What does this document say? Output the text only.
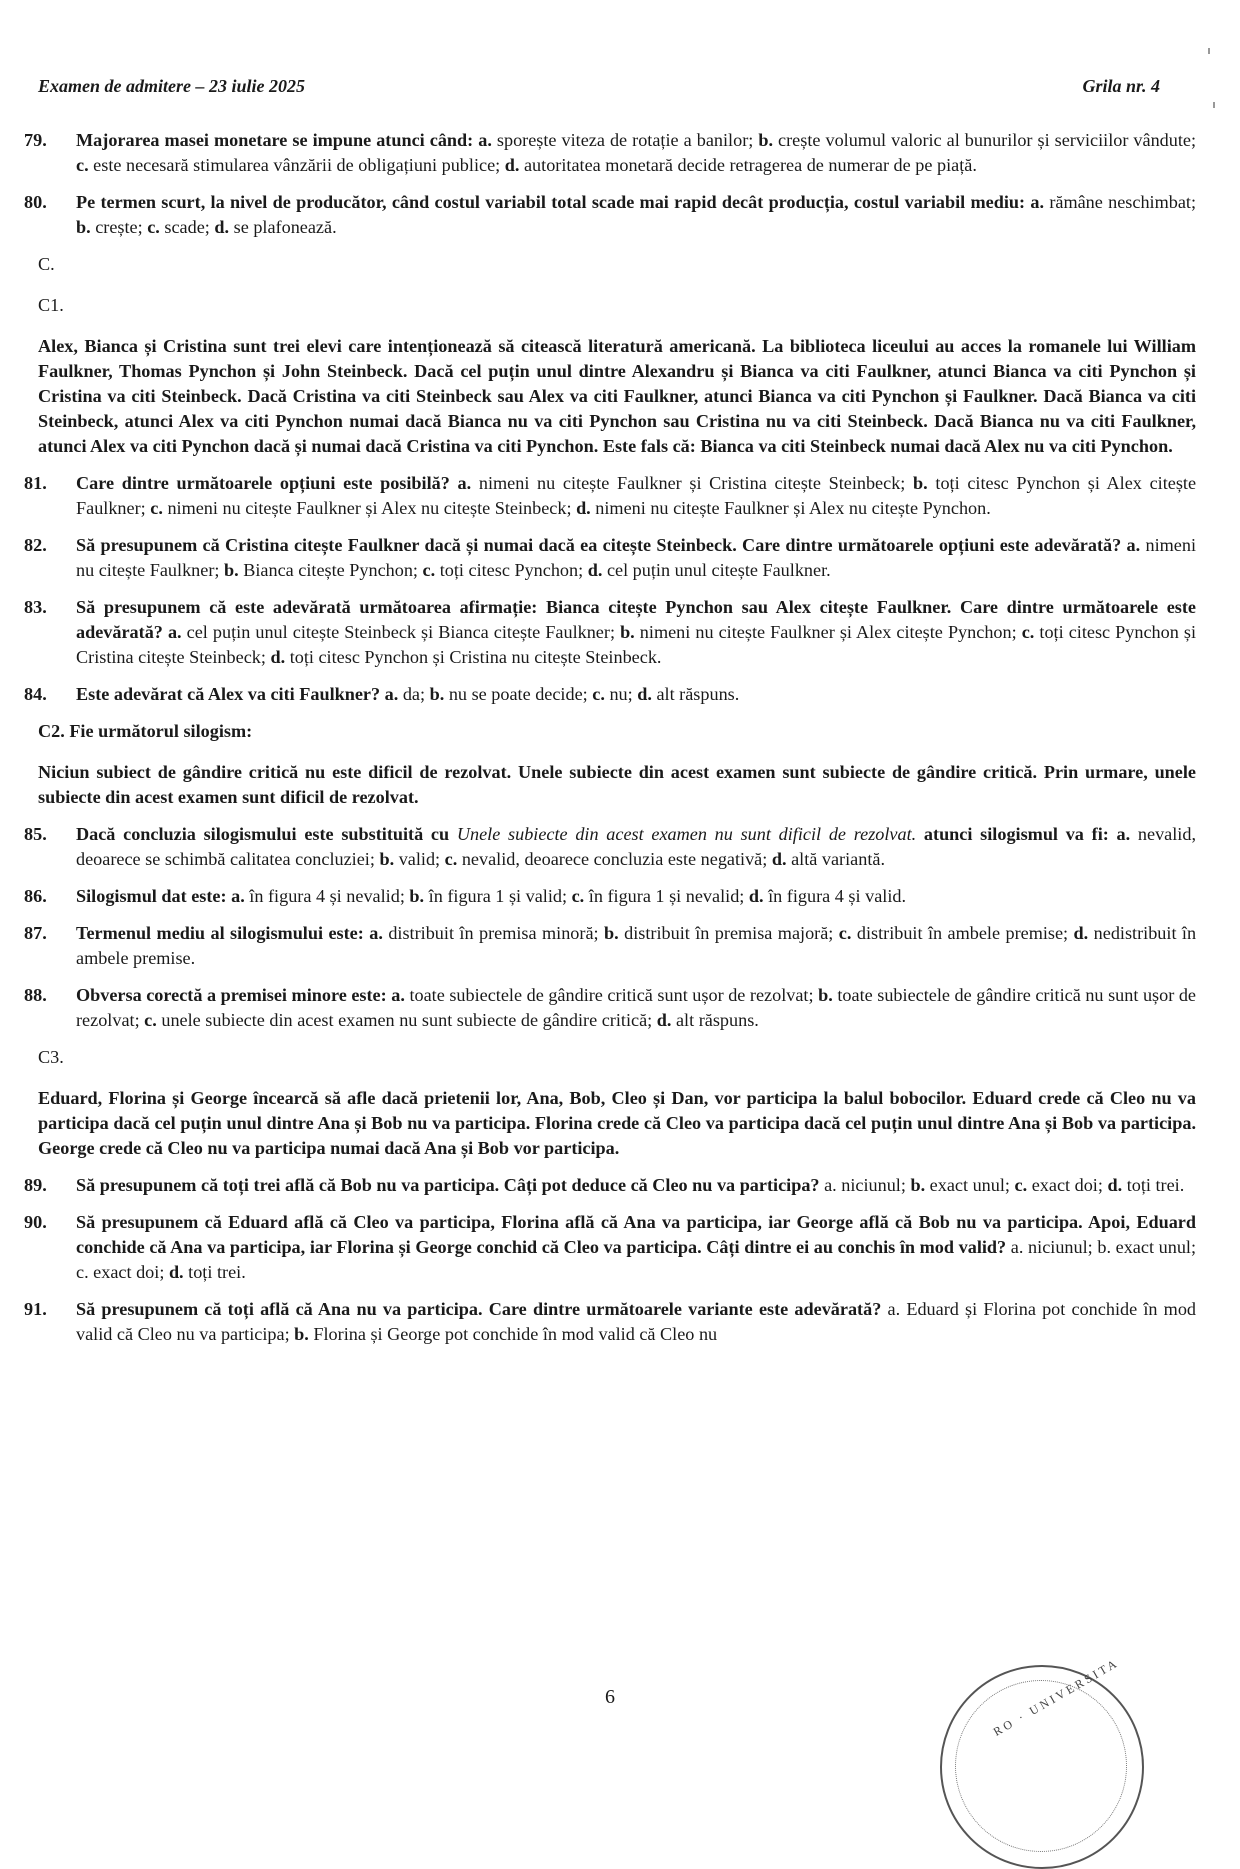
Examen de admitere – 23 iulie 2025	Grila nr. 4
79. Majorarea masei monetare se impune atunci când: a. sporește viteza de rotație a banilor; b. crește volumul valoric al bunurilor și serviciilor vândute; c. este necesară stimularea vânzării de obligațiuni publice; d. autoritatea monetară decide retragerea de numerar de pe piață.
80. Pe termen scurt, la nivel de producător, când costul variabil total scade mai rapid decât producția, costul variabil mediu: a. rămâne neschimbat; b. crește; c. scade; d. se plafonează.
C.
C1.
Alex, Bianca și Cristina sunt trei elevi care intenționează să citească literatură americană. La biblioteca liceului au acces la romanele lui William Faulkner, Thomas Pynchon și John Steinbeck. Dacă cel puțin unul dintre Alexandru și Bianca va citi Faulkner, atunci Bianca va citi Pynchon și Cristina va citi Steinbeck. Dacă Cristina va citi Steinbeck sau Alex va citi Faulkner, atunci Bianca va citi Pynchon și Faulkner. Dacă Bianca va citi Steinbeck, atunci Alex va citi Pynchon numai dacă Bianca nu va citi Pynchon sau Cristina nu va citi Steinbeck. Dacă Bianca nu va citi Faulkner, atunci Alex va citi Pynchon dacă și numai dacă Cristina va citi Pynchon. Este fals că: Bianca va citi Steinbeck numai dacă Alex nu va citi Pynchon.
81. Care dintre următoarele opțiuni este posibilă? a. nimeni nu citește Faulkner și Cristina citește Steinbeck; b. toți citesc Pynchon și Alex citește Faulkner; c. nimeni nu citește Faulkner și Alex nu citește Steinbeck; d. nimeni nu citește Faulkner și Alex nu citește Pynchon.
82. Să presupunem că Cristina citește Faulkner dacă și numai dacă ea citește Steinbeck. Care dintre următoarele opțiuni este adevărată? a. nimeni nu citește Faulkner; b. Bianca citește Pynchon; c. toți citesc Pynchon; d. cel puțin unul citește Faulkner.
83. Să presupunem că este adevărată următoarea afirmație: Bianca citește Pynchon sau Alex citește Faulkner. Care dintre următoarele este adevărată? a. cel puțin unul citește Steinbeck și Bianca citește Faulkner; b. nimeni nu citește Faulkner și Alex citește Pynchon; c. toți citesc Pynchon și Cristina citește Steinbeck; d. toți citesc Pynchon și Cristina nu citește Steinbeck.
84. Este adevărat că Alex va citi Faulkner? a. da; b. nu se poate decide; c. nu; d. alt răspuns.
C2. Fie următorul silogism:
Niciun subiect de gândire critică nu este dificil de rezolvat. Unele subiecte din acest examen sunt subiecte de gândire critică. Prin urmare, unele subiecte din acest examen sunt dificil de rezolvat.
85. Dacă concluzia silogismului este substituită cu Unele subiecte din acest examen nu sunt dificil de rezolvat. atunci silogismul va fi: a. nevalid, deoarece se schimbă calitatea concluziei; b. valid; c. nevalid, deoarece concluzia este negativă; d. altă variantă.
86. Silogismul dat este: a. în figura 4 și nevalid; b. în figura 1 și valid; c. în figura 1 și nevalid; d. în figura 4 și valid.
87. Termenul mediu al silogismului este: a. distribuit în premisa minoră; b. distribuit în premisa majoră; c. distribuit în ambele premise; d. nedistribuit în ambele premise.
88. Obversa corectă a premisei minore este: a. toate subiectele de gândire critică sunt ușor de rezolvat; b. toate subiectele de gândire critică nu sunt ușor de rezolvat; c. unele subiecte din acest examen nu sunt subiecte de gândire critică; d. alt răspuns.
C3.
Eduard, Florina și George încearcă să afle dacă prietenii lor, Ana, Bob, Cleo și Dan, vor participa la balul bobocilor. Eduard crede că Cleo nu va participa dacă cel puțin unul dintre Ana și Bob nu va participa. Florina crede că Cleo va participa dacă cel puțin unul dintre Ana și Bob va participa. George crede că Cleo nu va participa numai dacă Ana și Bob vor participa.
89. Să presupunem că toți trei află că Bob nu va participa. Câți pot deduce că Cleo nu va participa? a. niciunul; b. exact unul; c. exact doi; d. toți trei.
90. Să presupunem că Eduard află că Cleo va participa, Florina află că Ana va participa, iar George află că Bob nu va participa. Apoi, Eduard conchide că Ana va participa, iar Florina și George conchid că Cleo va participa. Câți dintre ei au conchis în mod valid? a. niciunul; b. exact unul; c. exact doi; d. toți trei.
91. Să presupunem că toți află că Ana nu va participa. Care dintre următoarele variante este adevărată? a. Eduard și Florina pot conchide în mod valid că Cleo nu va participa; b. Florina și George pot conchide în mod valid că Cleo nu
6	RO · UNIVERSITA
